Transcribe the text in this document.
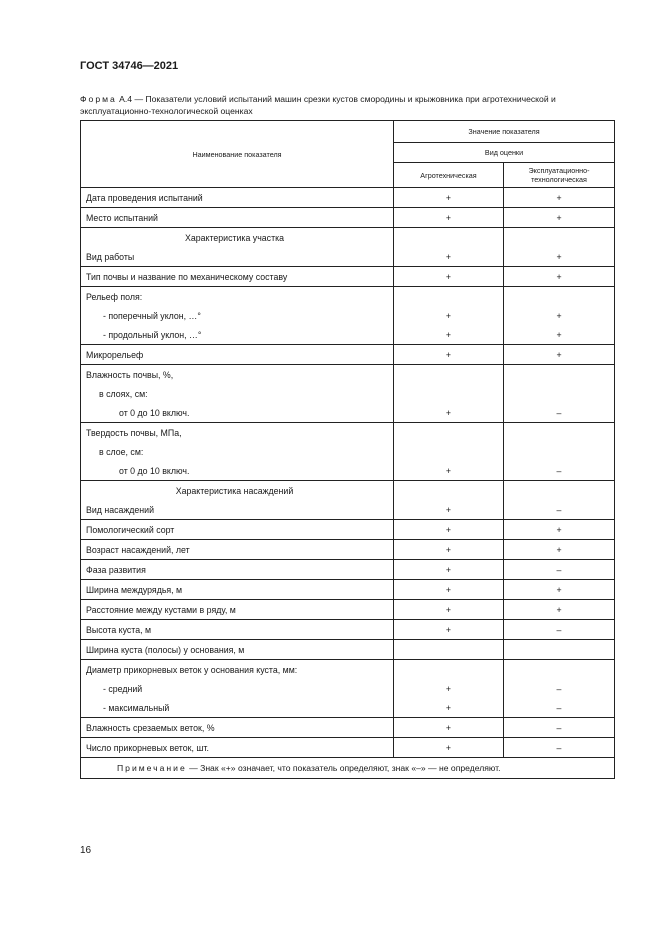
ГОСТ 34746—2021
Форма А.4 — Показатели условий испытаний машин срезки кустов смородины и крыжовника при агротехнической и эксплуатационно-технологической оценках
Наименование показателя	Значение показателя	
	Вид оценки	
	Агротехническая	Эксплуатационно-технологическая
Дата проведения испытаний	+	+
Место испытаний	+	+
Характеристика участка		
Вид работы	+	+
Тип почвы и название по механическому составу	+	+
Рельеф поля:		
- поперечный уклон, …°	+	+
- продольный уклон, …°	+	+
Микрорельеф	+	+
Влажность почвы, %,		
в слоях, см:		
от 0 до 10 включ.	+	–
Твердость почвы, МПа,		
в слое, см:		
от 0 до 10 включ.	+	–
Характеристика насаждений		
Вид насаждений	+	–
Помологический сорт	+	+
Возраст насаждений, лет	+	+
Фаза развития	+	–
Ширина междурядья, м	+	+
Расстояние между кустами в ряду, м	+	+
Высота куста, м	+	–
Ширина куста (полосы) у основания, м		
Диаметр прикорневых веток у основания куста, мм:		
- средний	+	–
- максимальный	+	–
Влажность срезаемых веток, %	+	–
Число прикорневых веток, шт.	+	–
Примечание — Знак «+» означает, что показатель определяют, знак «–» — не определяют.		
16
